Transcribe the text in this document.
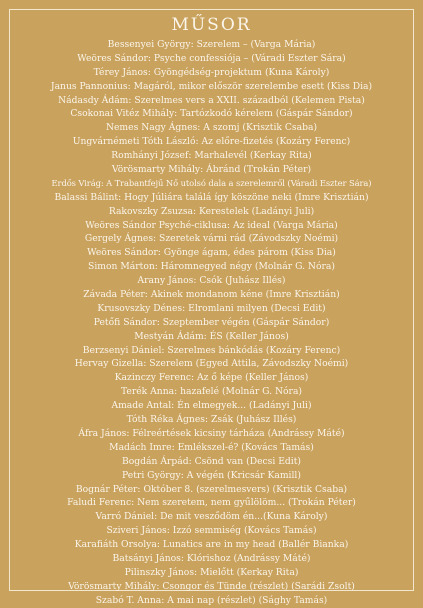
MŰSOR
Bessenyei György: Szerelem – (Varga Mária)
Weöres Sándor: Psyche confessiója – (Váradi Eszter Sára)
Térey János: Gyöngédség-projektum (Kuna Károly)
Janus Pannonius: Magáról, mikor először szerelembe esett (Kiss Dia)
Nádasdy Ádám: Szerelmes vers a XXII. századból (Kelemen Pista)
Csokonai Vitéz Mihály: Tartózkodó kérelem (Gáspár Sándor)
Nemes Nagy Ágnes: A szomj (Krisztik Csaba)
Ungvárnémeti Tóth László: Az előre-fizetés (Kozáry Ferenc)
Romhányi József: Marhalevél (Kerkay Rita)
Vörösmarty Mihály: Ábránd (Trokán Péter)
Erdős Virág: A Trabantfejű Nő utolsó dala a szerelemről (Váradi Eszter Sára)
Balassi Bálint: Hogy Júliára találá így köszöne neki (Imre Krisztián)
Rakovszky Zsuzsa: Kerestelek (Ladányi Juli)
Weöres Sándor Psyché-ciklusa: Az ideal (Varga Mária)
Gergely Ágnes: Szeretek várni rád (Závodszky Noémi)
Weöres Sándor: Gyönge ágam, édes párom (Kiss Dia)
Simon Márton: Háromnegyed négy (Molnár G. Nóra)
Arany János: Csók (Juhász Illés)
Závada Péter: Akinek mondanom kéne (Imre Krisztián)
Krusovszky Dénes: Elromlani milyen (Decsi Edit)
Petőfi Sándor: Szeptember végén (Gáspár Sándor)
Mestyán Ádám: ÉS (Keller János)
Berzsenyi Dániel: Szerelmes bánkódás (Kozáry Ferenc)
Hervay Gizella: Szerelem (Egyed Attila, Závodszky Noémi)
Kazinczy Ferenc: Az ő képe (Keller János)
Terék Anna: hazafelé (Molnár G. Nóra)
Amade Antal: Én elmegyek... (Ladányi Juli)
Tóth Réka Ágnes: Zsák (Juhász Illés)
Áfra János: Félreértések kicsiny tárháza (Andrássy Máté)
Madách Imre: Emlékszel-é? (Kovács Tamás)
Bogdán Árpád: Csönd van (Decsi Edit)
Petri György: A végén (Kricsár Kamill)
Bognár Péter: Október 8. (szerelmesvers) (Krisztik Csaba)
Faludi Ferenc: Nem szeretem, nem gyűlölöm... (Trokán Péter)
Varró Dániel: De mit vesződöm én...(Kuna Károly)
Sziveri János: Izzó semmiség (Kovács Tamás)
Karafiáth Orsolya: Lunatics are in my head (Ballér Bianka)
Batsányi János: Klórishoz (Andrássy Máté)
Pilinszky János: Mielőtt (Kerkay Rita)
Vörösmarty Mihály: Csongor és Tünde (részlet) (Sarádi Zsolt)
Szabó T. Anna: A mai nap (részlet) (Sághy Tamás)
